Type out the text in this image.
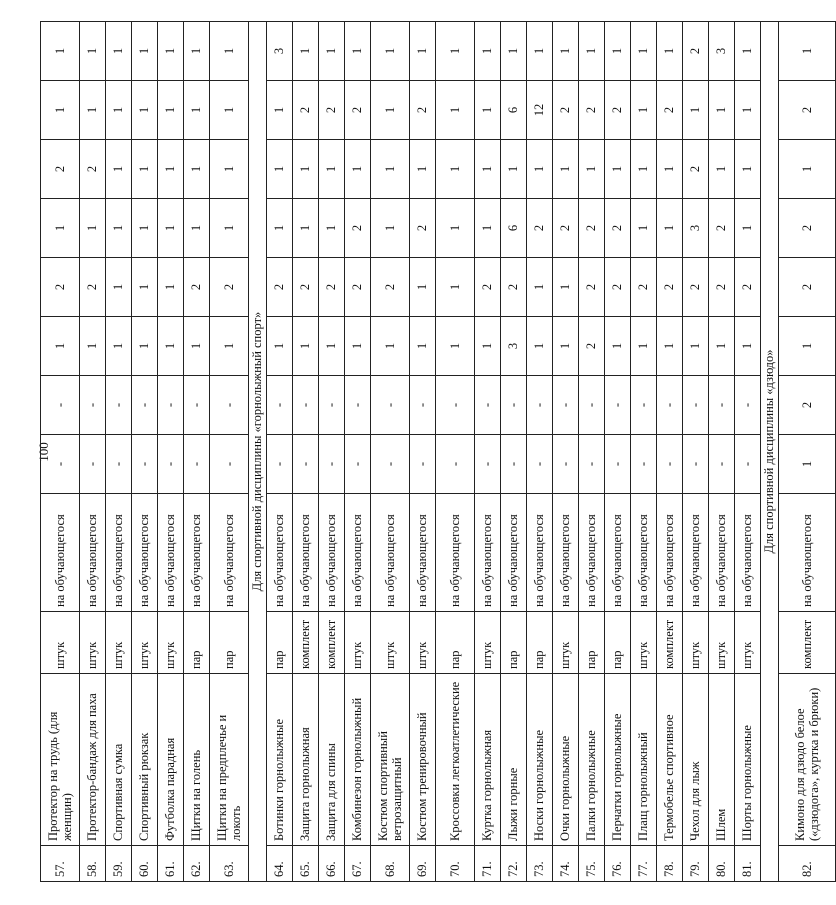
100
57.	Протектор на трудь (для женщин)	штук	на обучающегося	-	-	1	2	1	2	1	1
58.	Протектор-бандаж для паха	штук	на обучающегося	-	-	1	2	1	2	1	1
59.	Спортивная сумка	штук	на обучающегося	-	-	1	1	1	1	1	1
60.	Спортивный рюкзак	штук	на обучающегося	-	-	1	1	1	1	1	1
61.	Футболка парадная	штук	на обучающегося	-	-	1	1	1	1	1	1
62.	Щитки на голень	пар	на обучающегося	-	-	1	2	1	1	1	1
63.	Щитки на предплечье и локоть	пар	на обучающегося	-	-	1	2	1	1	1	1
Для спортивной дисциплины «горнолыжный спорт»											
64.	Ботинки горнолыжные	пар	на обучающегося	-	-	1	2	1	1	1	3
65.	Защита горнолыжная	комплект	на обучающегося	-	-	1	2	1	1	2	1
66.	Защита для спины	комплект	на обучающегося	-	-	1	2	1	1	2	1
67.	Комбинезон горнолыжный	штук	на обучающегося	-	-	1	2	2	1	2	1
68.	Костюм спортивный ветрозащитный	штук	на обучающегося	-	-	1	2	1	1	1	1
69.	Костюм тренировочный	штук	на обучающегося	-	-	1	1	2	1	2	1
70.	Кроссовки легкоатлетические	пар	на обучающегося	-	-	1	1	1	1	1	1
71.	Куртка горнолыжная	штук	на обучающегося	-	-	1	2	1	1	1	1
72.	Лыжи горные	пар	на обучающегося	-	-	3	2	6	1	6	1
73.	Носки горнолыжные	пар	на обучающегося	-	-	1	1	2	1	12	1
74.	Очки горнолыжные	штук	на обучающегося	-	-	1	1	2	1	2	1
75.	Палки горнолыжные	пар	на обучающегося	-	-	2	2	2	1	2	1
76.	Перчатки горнолыжные	пар	на обучающегося	-	-	1	2	2	1	2	1
77.	Плащ горнолыжный	штук	на обучающегося	-	-	1	2	1	1	1	1
78.	Термобелье спортивное	комплект	на обучающегося	-	-	1	2	1	1	2	1
79.	Чехол для лыж	штук	на обучающегося	-	-	1	2	3	2	1	2
80.	Шлем	штук	на обучающегося	-	-	1	2	2	1	1	3
81.	Шорты горнолыжные	штук	на обучающегося	-	-	1	2	1	1	1	1
Для спортивной дисциплины «дзюдо»											
82.	Кимоно для дзюдо белое («дзюдога», куртка и брюки)	комплект	на обучающегося	1	2	1	2	2	1	2	1
